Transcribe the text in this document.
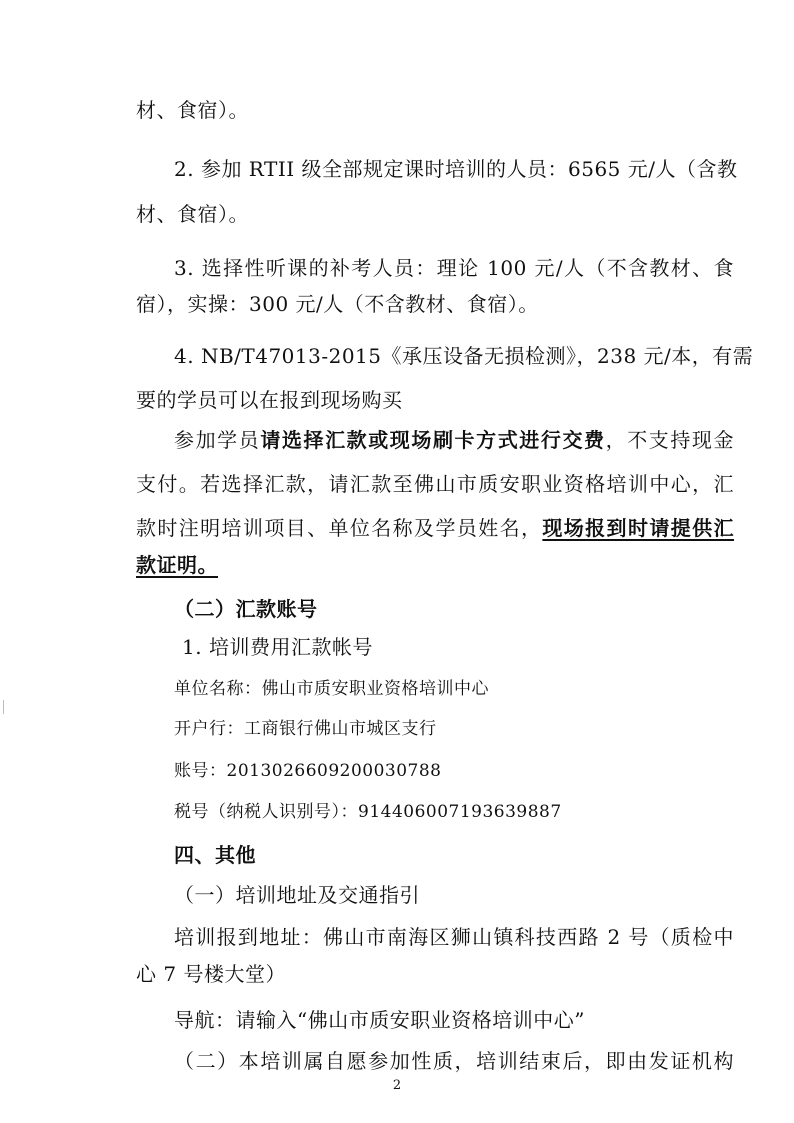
材、食宿）。
2. 参加 RTII 级全部规定课时培训的人员：6565 元/人（含教
材、食宿）。
3. 选择性听课的补考人员：理论 100 元/人（不含教材、食
宿），实操：300 元/人（不含教材、食宿）。
4. NB/T47013-2015《承压设备无损检测》，238 元/本，有需
要的学员可以在报到现场购买
参加学员请选择汇款或现场刷卡方式进行交费，不支持现金
支付。若选择汇款，请汇款至佛山市质安职业资格培训中心，汇
款时注明培训项目、单位名称及学员姓名，现场报到时请提供汇
款证明。
（二）汇款账号
1. 培训费用汇款帐号
单位名称：佛山市质安职业资格培训中心
开户行：工商银行佛山市城区支行
账号：2013026609200030788
税号（纳税人识别号）：914406007193639887
四、其他
（一）培训地址及交通指引
培训报到地址：佛山市南海区狮山镇科技西路 2 号（质检中
心 7 号楼大堂）
导航：请输入“佛山市质安职业资格培训中心”
（二）本培训属自愿参加性质，培训结束后，即由发证机构
2
